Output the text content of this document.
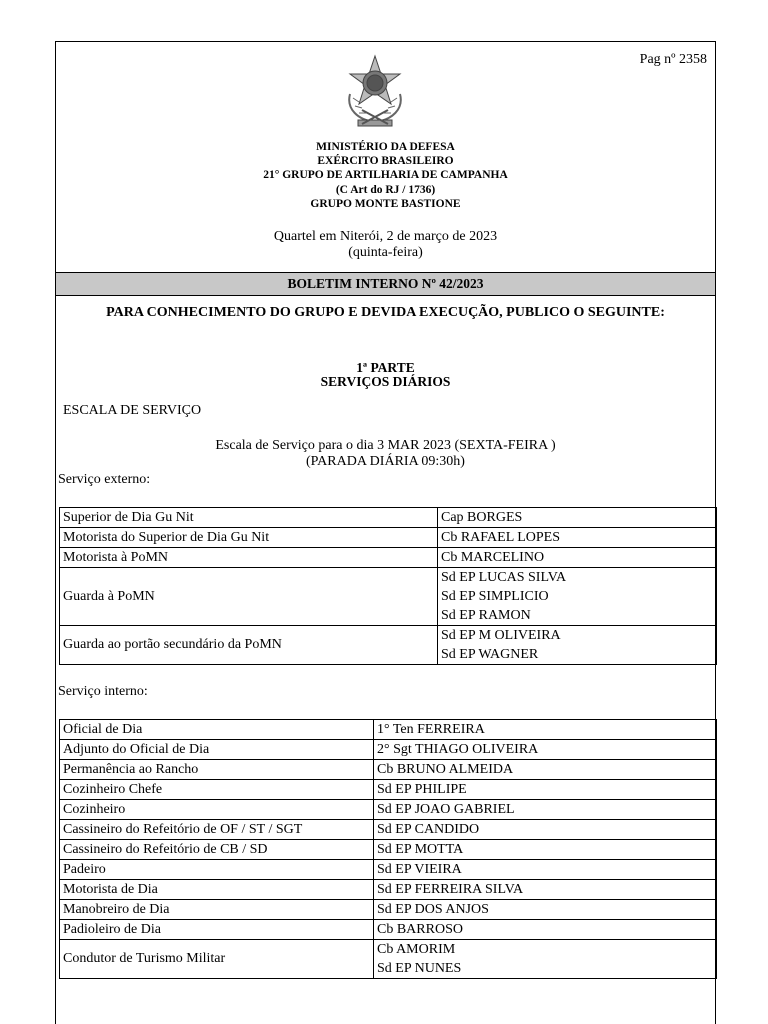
Pag nº 2358
MINISTÉRIO DA DEFESA
EXÉRCITO BRASILEIRO
21° GRUPO DE ARTILHARIA DE CAMPANHA
(C Art do RJ / 1736)
GRUPO MONTE BASTIONE
Quartel em Niterói, 2 de março de 2023
(quinta-feira)
BOLETIM INTERNO Nº 42/2023
PARA CONHECIMENTO DO GRUPO E DEVIDA EXECUÇÃO, PUBLICO O SEGUINTE:
1ª PARTE
SERVIÇOS DIÁRIOS
ESCALA DE SERVIÇO
Escala de Serviço para o dia 3 MAR 2023 (SEXTA-FEIRA )
(PARADA DIÁRIA 09:30h)
Serviço externo:
Superior de Dia Gu Nit	Cap BORGES

Motorista do Superior de Dia Gu Nit	Cb RAFAEL LOPES

Motorista à PoMN	Cb MARCELINO

Guarda à PoMN	Sd EP LUCAS SILVA
Sd EP SIMPLICIO
Sd EP RAMON

Guarda ao portão secundário da PoMN	Sd EP M OLIVEIRA
Sd EP WAGNER
Serviço interno:
Oficial de Dia	1° Ten FERREIRA

Adjunto do Oficial de Dia	2° Sgt THIAGO OLIVEIRA

Permanência ao Rancho	Cb BRUNO ALMEIDA

Cozinheiro Chefe	Sd EP PHILIPE

Cozinheiro	Sd EP JOAO GABRIEL

Cassineiro do Refeitório de OF / ST / SGT	Sd EP CANDIDO

Cassineiro do Refeitório de CB / SD	Sd EP MOTTA

Padeiro	Sd EP VIEIRA

Motorista de Dia	Sd EP FERREIRA SILVA

Manobreiro de Dia	Sd EP DOS ANJOS

Padioleiro de Dia	Cb BARROSO

Condutor de Turismo Militar	Cb AMORIM
Sd EP NUNES
